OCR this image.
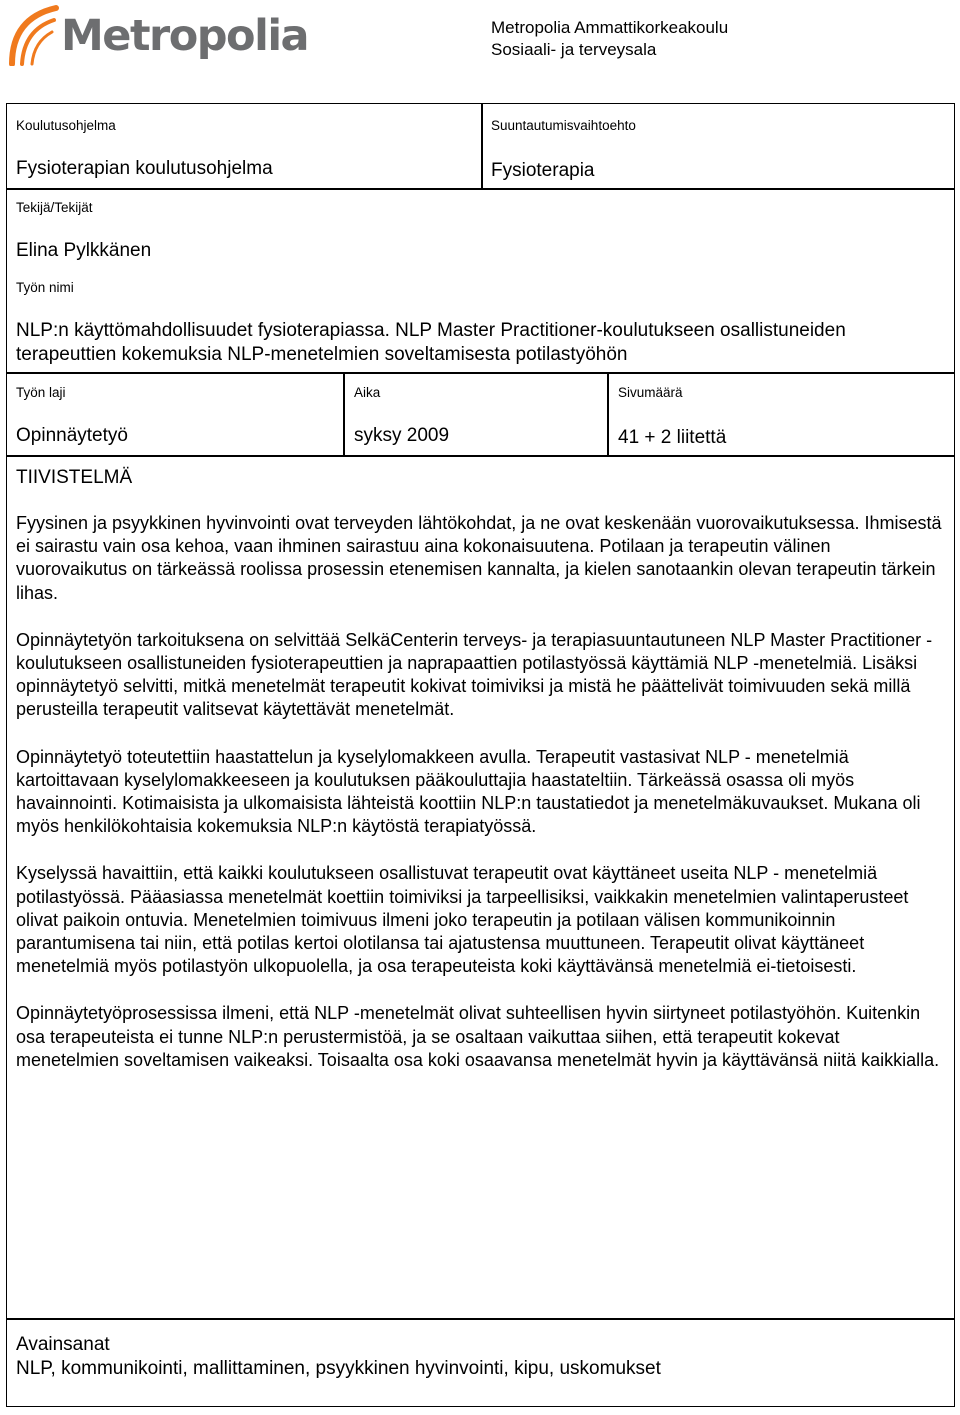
Metropolia	Metropolia Ammattikorkeakoulu
Sosiaali- ja terveysala
Koulutusohjelma
Fysioterapian koulutusohjelma
Suuntautumisvaihtoehto
Fysioterapia
Tekijä/Tekijät
Elina Pylkkänen
Työn nimi
NLP:n käyttömahdollisuudet fysioterapiassa. NLP Master Practitioner-koulutukseen osallistuneiden
terapeuttien kokemuksia NLP-menetelmien soveltamisesta potilastyöhön
Työn laji
Opinnäytetyö
Aika
syksy 2009
Sivumäärä
41 + 2 liitettä
TIIVISTELMÄ

Fyysinen ja psyykkinen hyvinvointi ovat terveyden lähtökohdat, ja ne ovat keskenään vuorovaikutuksessa. Ihmisestä ei sairastu vain osa kehoa, vaan ihminen sairastuu aina kokonaisuutena. Potilaan ja terapeutin välinen vuorovaikutus on tärkeässä roolissa prosessin etenemisen kannalta, ja kielen sanotaankin olevan terapeutin tärkein lihas.

Opinnäytetyön tarkoituksena on selvittää SelkäCenterin terveys- ja terapiasuuntautuneen NLP Master Practitioner -koulutukseen osallistuneiden fysioterapeuttien ja naprapaattien potilastyössä käyttämiä NLP -menetelmiä. Lisäksi opinnäytetyö selvitti, mitkä menetelmät terapeutit kokivat toimiviksi ja mistä he päättelivät toimivuuden sekä millä perusteilla terapeutit valitsevat käytettävät menetelmät.

Opinnäytetyö toteutettiin haastattelun ja kyselylomakkeen avulla. Terapeutit vastasivat NLP - menetelmiä kartoittavaan kyselylomakkeeseen ja koulutuksen pääkouluttajia haastateltiin. Tärkeässä osassa oli myös havainnointi. Kotimaisista ja ulkomaisista lähteistä koottiin NLP:n taustatiedot ja menetelmäkuvaukset. Mukana oli myös henkilökohtaisia kokemuksia NLP:n käytöstä terapiatyössä.

Kyselyssä havaittiin, että kaikki koulutukseen osallistuvat terapeutit ovat käyttäneet useita NLP - menetelmiä potilastyössä. Pääasiassa menetelmät koettiin toimiviksi ja tarpeellisiksi, vaikkakin menetelmien valintaperusteet olivat paikoin ontuvia. Menetelmien toimivuus ilmeni joko terapeutin ja potilaan välisen kommunikoinnin parantumisena tai niin, että potilas kertoi olotilansa tai ajatustensa muuttuneen. Terapeutit olivat käyttäneet menetelmiä myös potilastyön ulkopuolella, ja osa terapeuteista koki käyttävänsä menetelmiä ei-tietoisesti.

Opinnäytetyöprosessissa ilmeni, että NLP -menetelmät olivat suhteellisen hyvin siirtyneet potilastyöhön. Kuitenkin osa terapeuteista ei tunne NLP:n perustermistöä, ja se osaltaan vaikuttaa siihen, että terapeutit kokevat menetelmien soveltamisen vaikeaksi. Toisaalta osa koki osaavansa menetelmät hyvin ja käyttävänsä niitä kaikkialla.

Avainsanat
NLP, kommunikointi, mallittaminen, psyykkinen hyvinvointi, kipu, uskomukset
